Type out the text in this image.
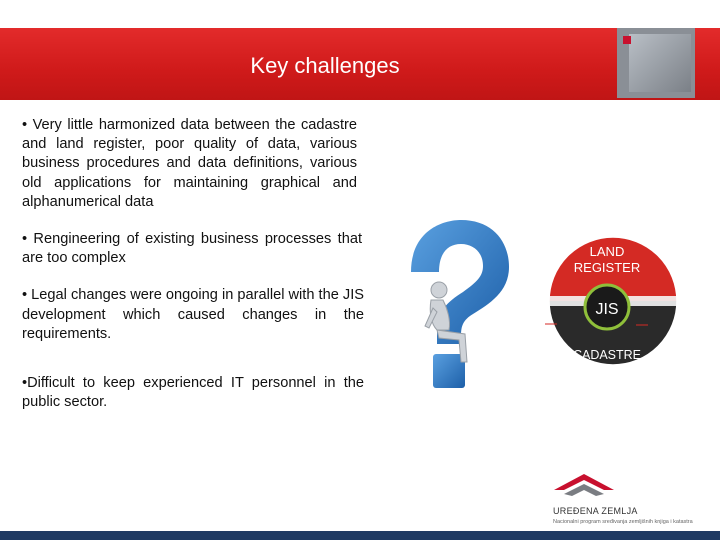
Key challenges
• Very little harmonized data between the cadastre and land register, poor quality of data, various business procedures and data definitions, various old applications for maintaining graphical and alphanumerical data
• Rengineering of existing business processes that are too complex
• Legal changes were ongoing in parallel with the JIS development which caused changes in the requirements.
•Difficult to keep experienced IT personnel in the public sector.
LAND
REGISTER
JIS
CADASTRE
UREĐENA ZEMLJA
Nacionalni program sređivanja zemljišnih knjiga i katastra
